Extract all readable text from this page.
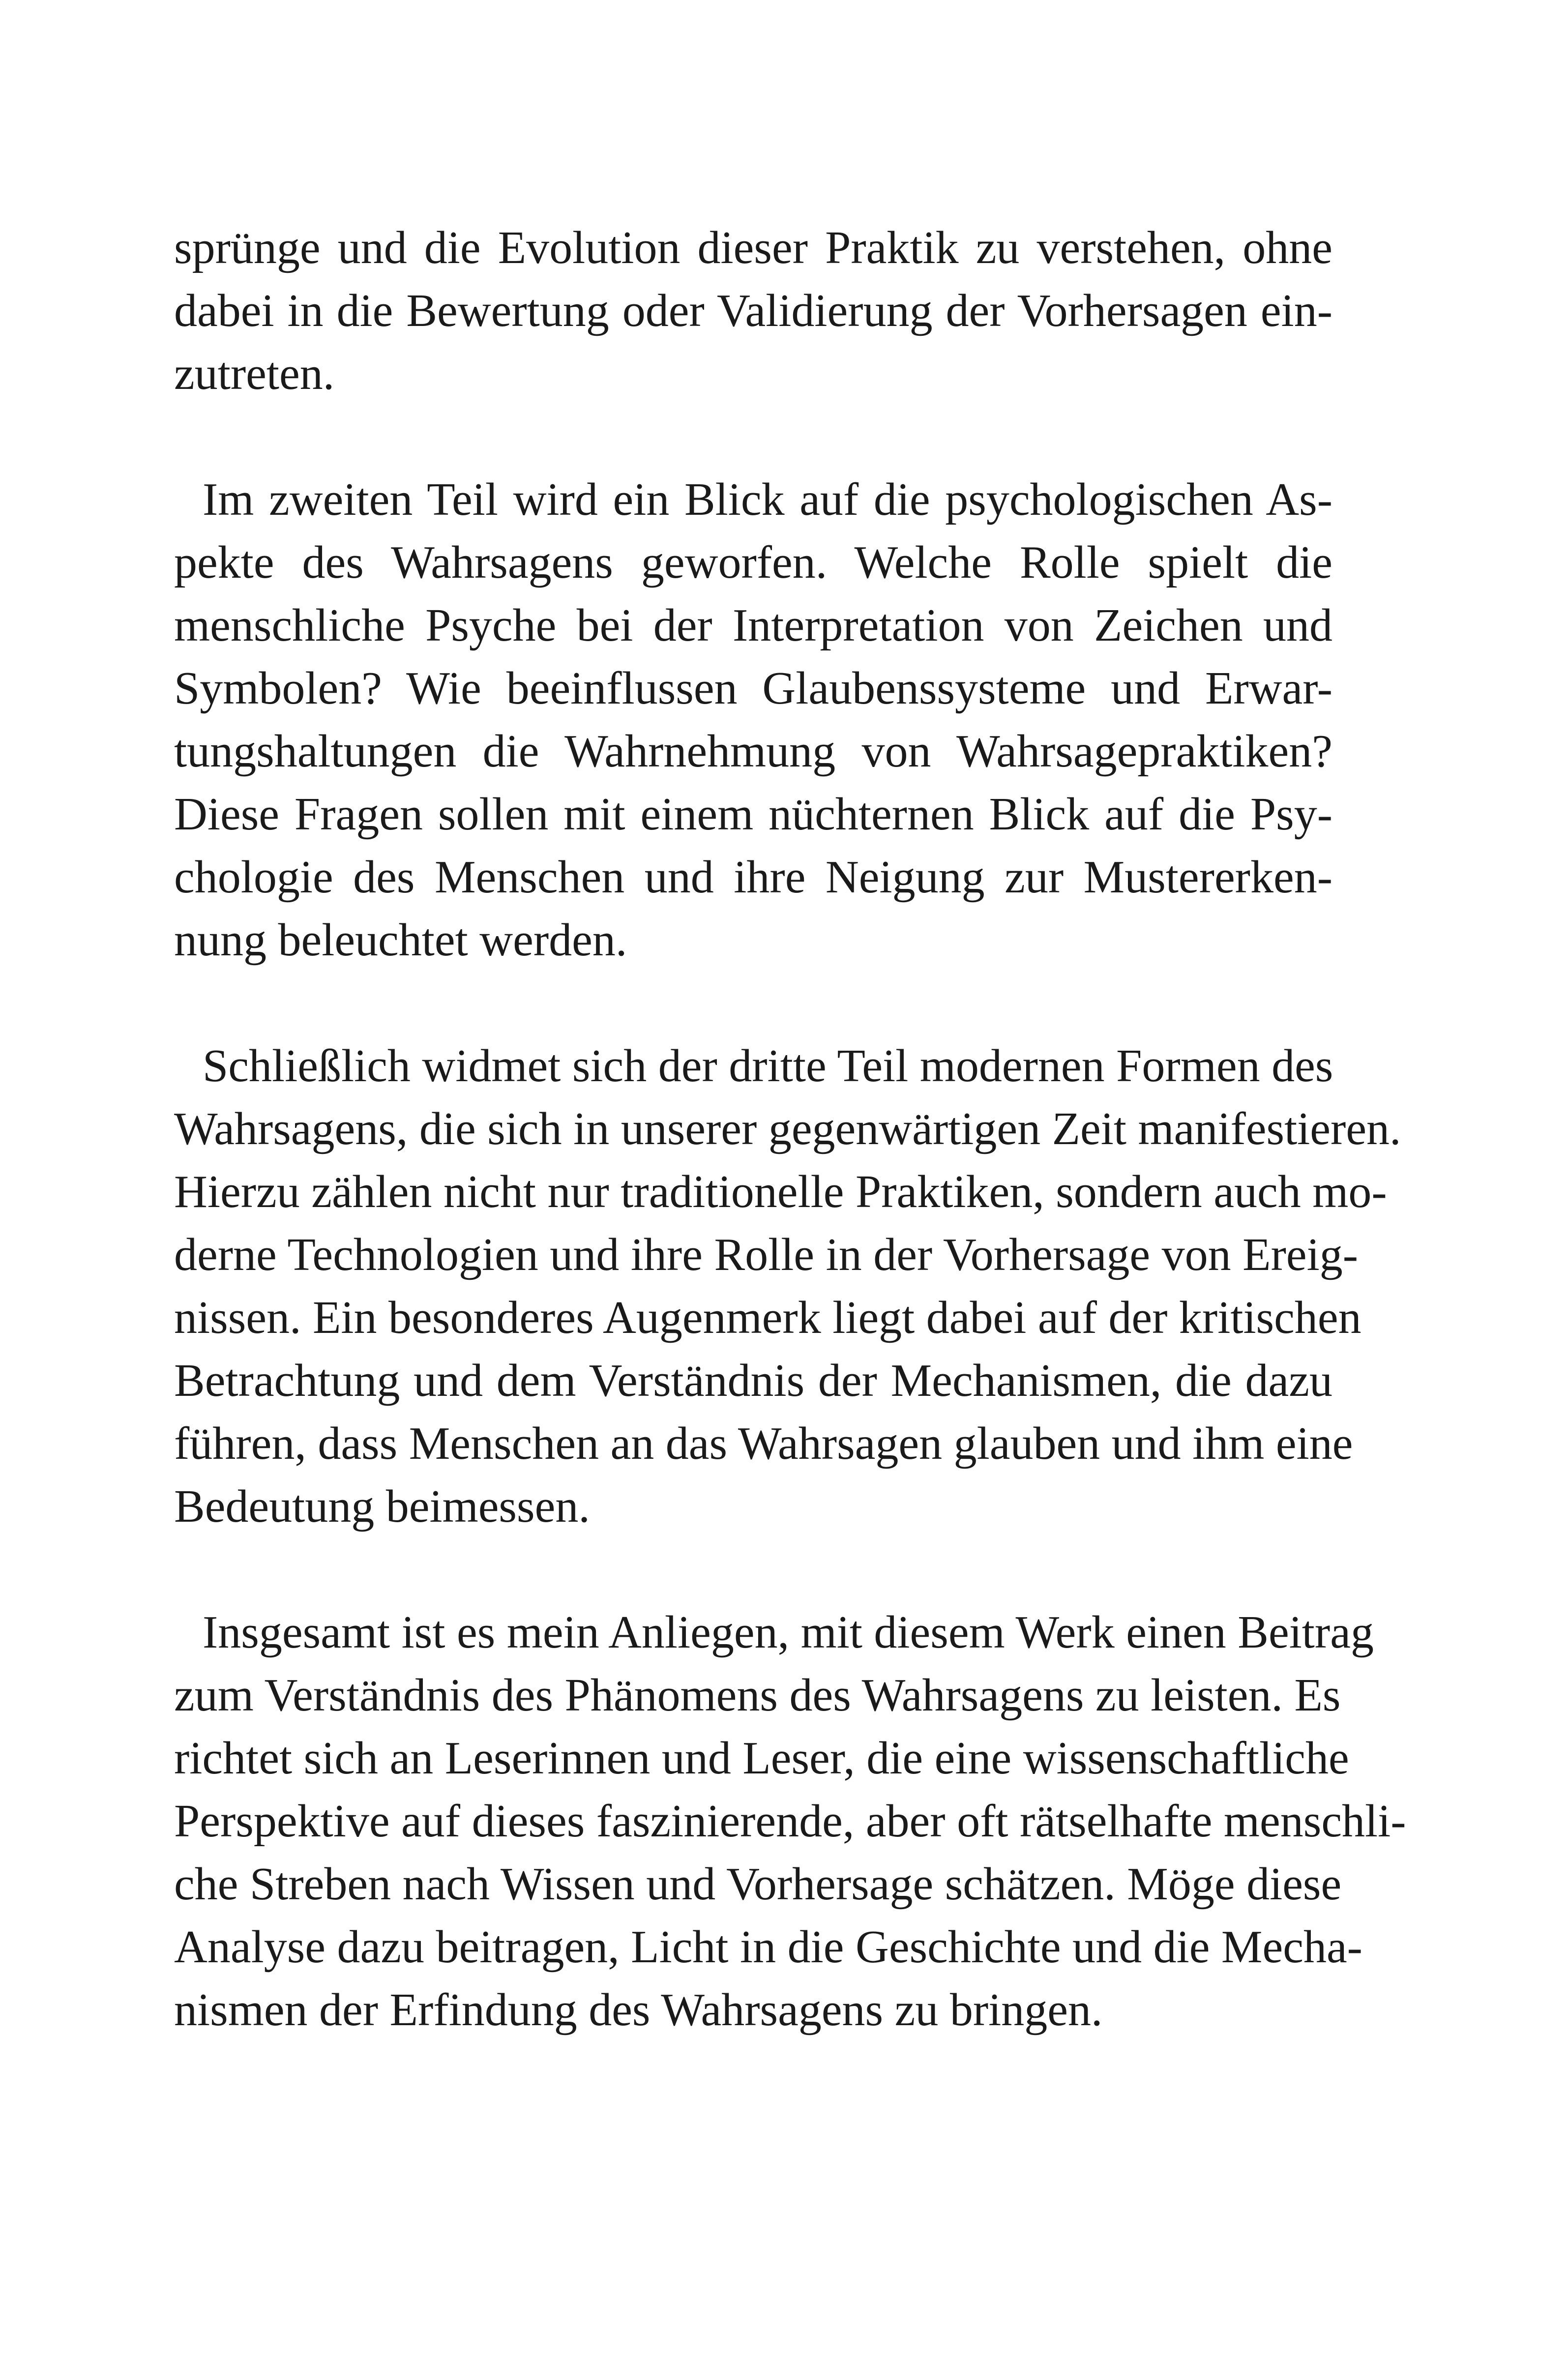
sprünge und die Evolution dieser Praktik zu verstehen, ohne
dabei in die Bewertung oder Validierung der Vorhersagen ein-
zutreten.

Im zweiten Teil wird ein Blick auf die psychologischen As-
pekte des Wahrsagens geworfen. Welche Rolle spielt die
menschliche Psyche bei der Interpretation von Zeichen und
Symbolen? Wie beeinflussen Glaubenssysteme und Erwar-
tungshaltungen die Wahrnehmung von Wahrsagepraktiken?
Diese Fragen sollen mit einem nüchternen Blick auf die Psy-
chologie des Menschen und ihre Neigung zur Mustererken-
nung beleuchtet werden.

Schließlich widmet sich der dritte Teil modernen Formen des
Wahrsagens, die sich in unserer gegenwärtigen Zeit manifestieren.
Hierzu zählen nicht nur traditionelle Praktiken, sondern auch mo-
derne Technologien und ihre Rolle in der Vorhersage von Ereig-
nissen. Ein besonderes Augenmerk liegt dabei auf der kritischen
Betrachtung und dem Verständnis der Mechanismen, die dazu
führen, dass Menschen an das Wahrsagen glauben und ihm eine
Bedeutung beimessen.

Insgesamt ist es mein Anliegen, mit diesem Werk einen Beitrag
zum Verständnis des Phänomens des Wahrsagens zu leisten. Es
richtet sich an Leserinnen und Leser, die eine wissenschaftliche
Perspektive auf dieses faszinierende, aber oft rätselhafte menschli-
che Streben nach Wissen und Vorhersage schätzen. Möge diese
Analyse dazu beitragen, Licht in die Geschichte und die Mecha-
nismen der Erfindung des Wahrsagens zu bringen.
